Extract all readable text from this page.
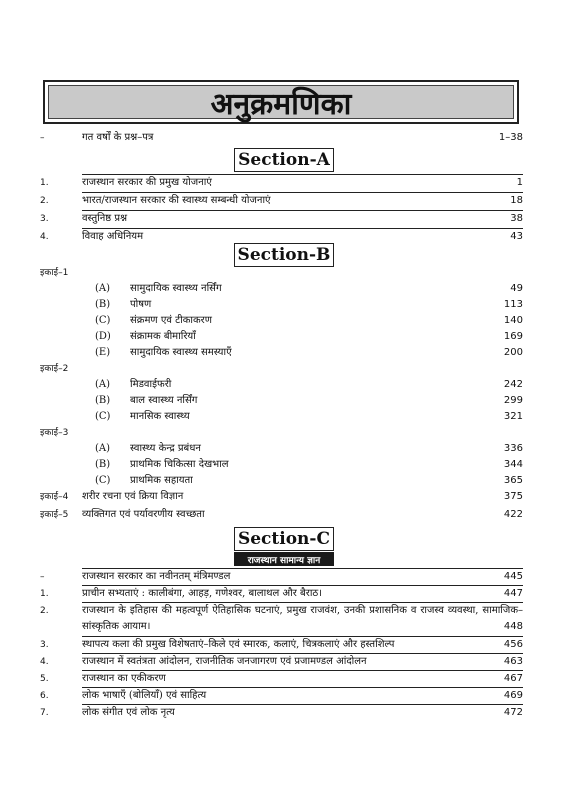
अनुक्रमणिका
–	गत वर्षों के प्रश्न–पत्र	1–38
Section-A
1.	राजस्थान सरकार की प्रमुख योजनाएं	1
2.	भारत/राजस्थान सरकार की स्वास्थ्य सम्बन्धी योजनाएं	18
3.	वस्तुनिष्ठ प्रश्न	38
4.	विवाह अधिनियम	43
Section-B
इकाई–1
(A) सामुदायिक स्वास्थ्य नर्सिंग	49
(B) पोषण	113
(C) संक्रमण एवं टीकाकरण	140
(D) संक्रामक बीमारियाँ	169
(E) सामुदायिक स्वास्थ्य समस्याएँ	200
इकाई–2
(A) मिडवाईफरी	242
(B) बाल स्वास्थ्य नर्सिंग	299
(C) मानसिक स्वास्थ्य	321
इकाई–3
(A) स्वास्थ्य केन्द्र प्रबंधन	336
(B) प्राथमिक चिकित्सा देखभाल	344
(C) प्राथमिक सहायता	365
इकाई–4 शरीर रचना एवं क्रिया विज्ञान	375
इकाई–5 व्यक्तिगत एवं पर्यावरणीय स्वच्छता	422
Section-C
राजस्थान सामान्य ज्ञान
–	राजस्थान सरकार का नवीनतम् मंत्रिमण्डल	445
1.	प्राचीन सभ्यताएं : कालीबंगा, आहड़, गणेश्वर, बालाथल और बैराठ।	447
2.	राजस्थान के इतिहास की महत्वपूर्ण ऐतिहासिक घटनाएं, प्रमुख राजवंश, उनकी प्रशासनिक व राजस्व व्यवस्था, सामाजिक–सांस्कृतिक आयाम।	448
3.	स्थापत्य कला की प्रमुख विशेषताएं–किले एवं स्मारक, कलाएं, चित्रकलाएं और हस्तशिल्प	456
4.	राजस्थान में स्वतंत्रता आंदोलन, राजनीतिक जनजागरण एवं प्रजामण्डल आंदोलन	463
5.	राजस्थान का एकीकरण	467
6.	लोक भाषाएँ (बोलियाँ) एवं साहित्य	469
7.	लोक संगीत एवं लोक नृत्य	472
